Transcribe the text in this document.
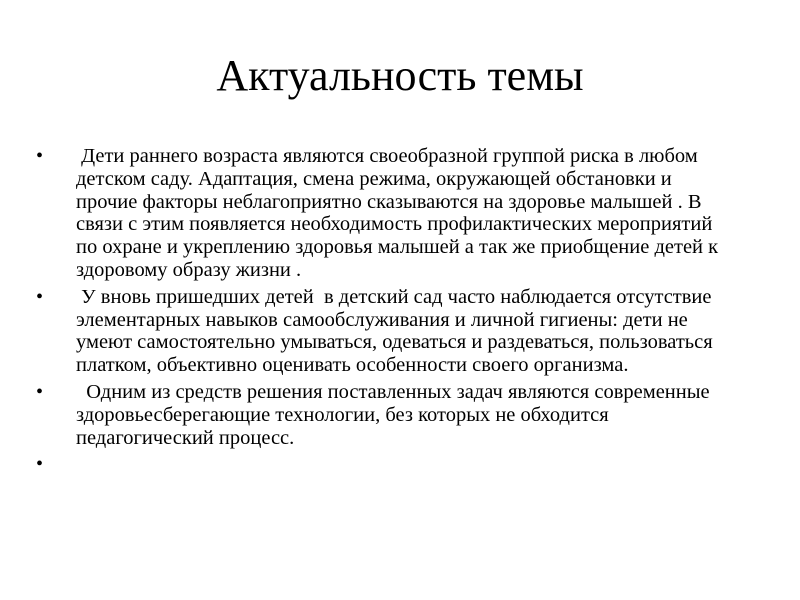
Актуальность темы
•	Дети раннего возраста являются своеобразной группой риска в любом детском саду. Адаптация, смена режима, окружающей обстановки и прочие факторы неблагоприятно сказываются на здоровье малышей . В связи с этим появляется необходимость профилактических мероприятий по охране и укреплению здоровья малышей а так же приобщение детей к здоровому образу жизни .
•	У вновь пришедших детей  в детский сад часто наблюдается отсутствие элементарных навыков самообслуживания и личной гигиены: дети не умеют самостоятельно умываться, одеваться и раздеваться, пользоваться платком, объективно оценивать особенности своего организма.
•	Одним из средств решения поставленных задач являются современные здоровьесберегающие технологии, без которых не обходится педагогический процесс.
•
